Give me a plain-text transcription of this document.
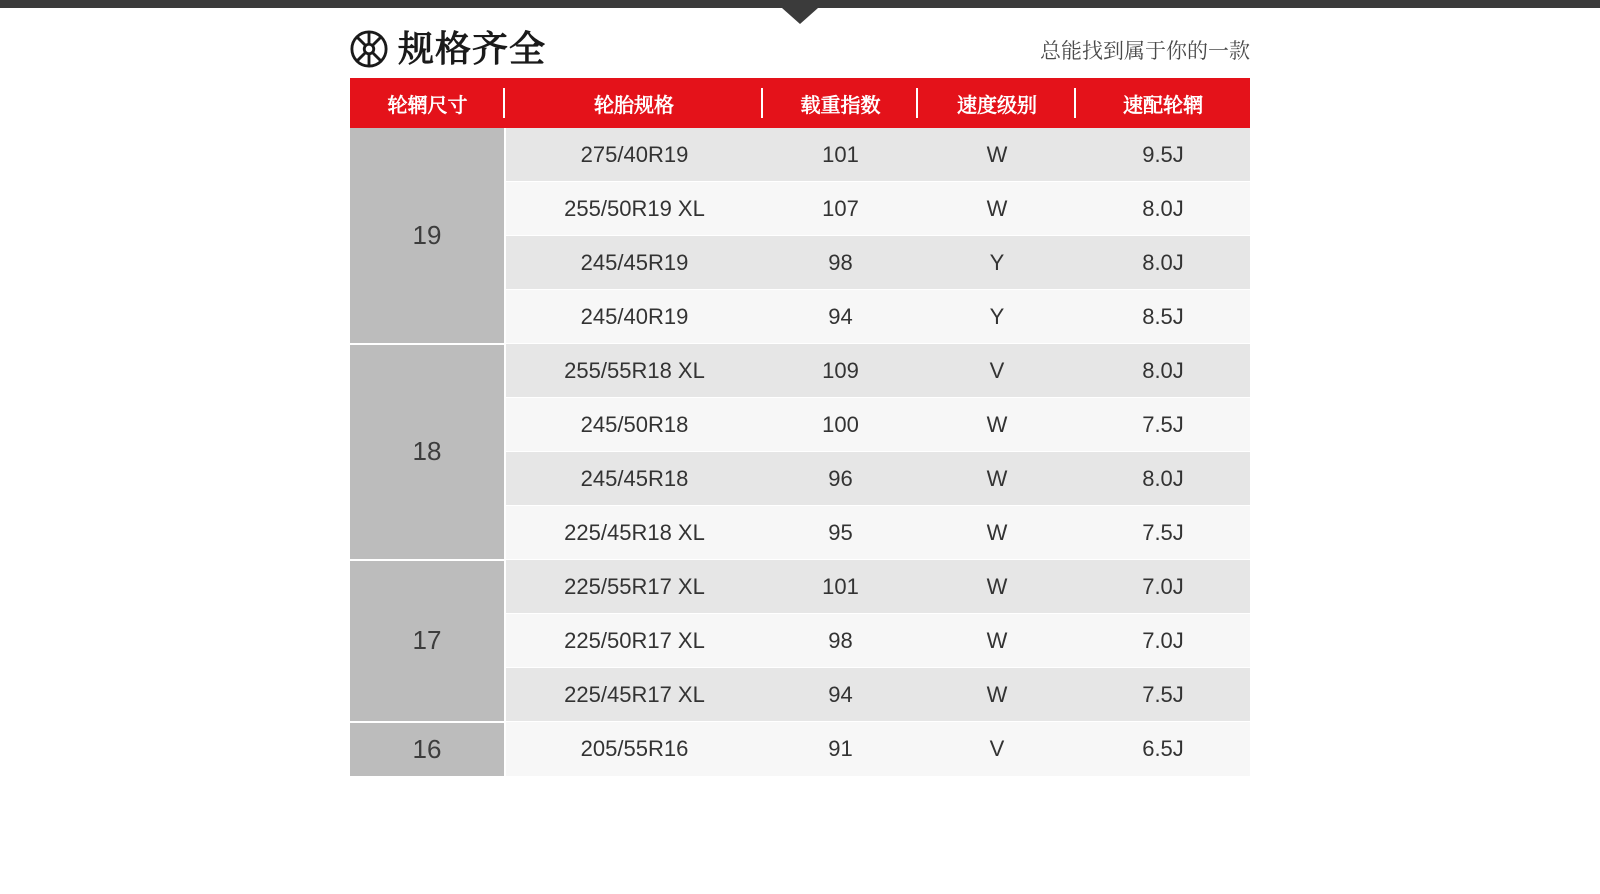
规格齐全	总能找到属于你的一款
轮辋尺寸	轮胎规格	载重指数	速度级别	速配轮辋
19	275/40R19	101	W	9.5J
	255/50R19 XL	107	W	8.0J
	245/45R19	98	Y	8.0J
	245/40R19	94	Y	8.5J
18	255/55R18 XL	109	V	8.0J
	245/50R18	100	W	7.5J
	245/45R18	96	W	8.0J
	225/45R18 XL	95	W	7.5J
17	225/55R17 XL	101	W	7.0J
	225/50R17 XL	98	W	7.0J
	225/45R17 XL	94	W	7.5J
16	205/55R16	91	V	6.5J
